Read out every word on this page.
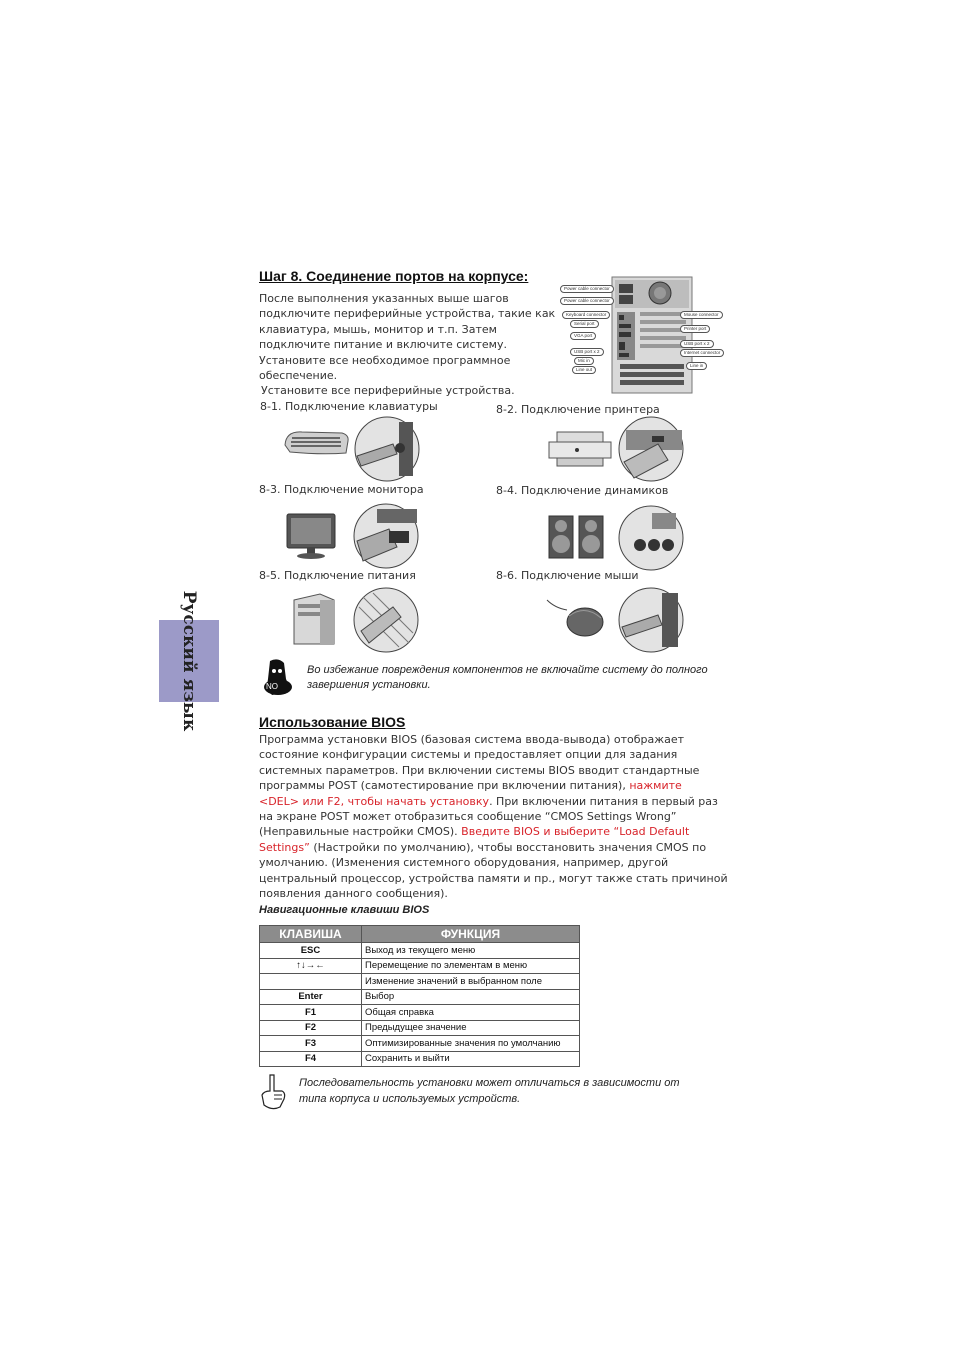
Русский язык
Шаг 8. Соединение портов на корпусе:
После выполнения указанных выше шагов
подключите периферийные устройства, такие как
клавиатура, мышь, монитор и т.п. Затем
подключите питание и включите систему.
Установите все необходимое программное
обеспечение.
Power cable connector
Power cable connector
Keyboard connector
Serial port
VGA port
USB port x 2
Mic in
Line out
Mouse connector
Printer port
USB port x 2
Internet connector
Line in
Установите все периферийные устройства.
8-1. Подключение клавиатуры	8-2. Подключение принтера
8-3. Подключение монитора	8-4. Подключение динамиков
8-5. Подключение питания	8-6. Подключение мыши
NO
Во избежание повреждения компонентов не включайте систему до полного
завершения установки.
Использование BIOS
Программа установки BIOS (базовая система ввода-вывода) отображает
состояние конфигурации системы и предоставляет опции для задания
системных параметров. При включении системы BIOS вводит стандартные
программы POST (самотестирование при включении питания), нажмите
<DEL> или F2, чтобы начать установку. При включении питания в первый раз
на экране POST может отобразиться сообщение “CMOS Settings Wrong”
(Неправильные настройки CMOS). Введите BIOS и выберите “Load Default
Settings” (Настройки по умолчанию), чтобы восстановить значения CMOS по
умолчанию. (Изменения системного оборудования, например, другой
центральный процессор, устройства памяти и пр., могут также стать причиной
появления данного сообщения).
Навигационные клавиши BIOS
КЛАВИША	ФУНКЦИЯ
ESC	Выход из текущего меню
↑↓→←	Перемещение по элементам в меню
	Изменение значений в выбранном поле
Enter	Выбор
F1	Общая справка
F2	Предыдущее значение
F3	Оптимизированные значения по умолчанию
F4	Сохранить и выйти
Последовательность установки может отличаться в зависимости от
типа корпуса и используемых устройств.
